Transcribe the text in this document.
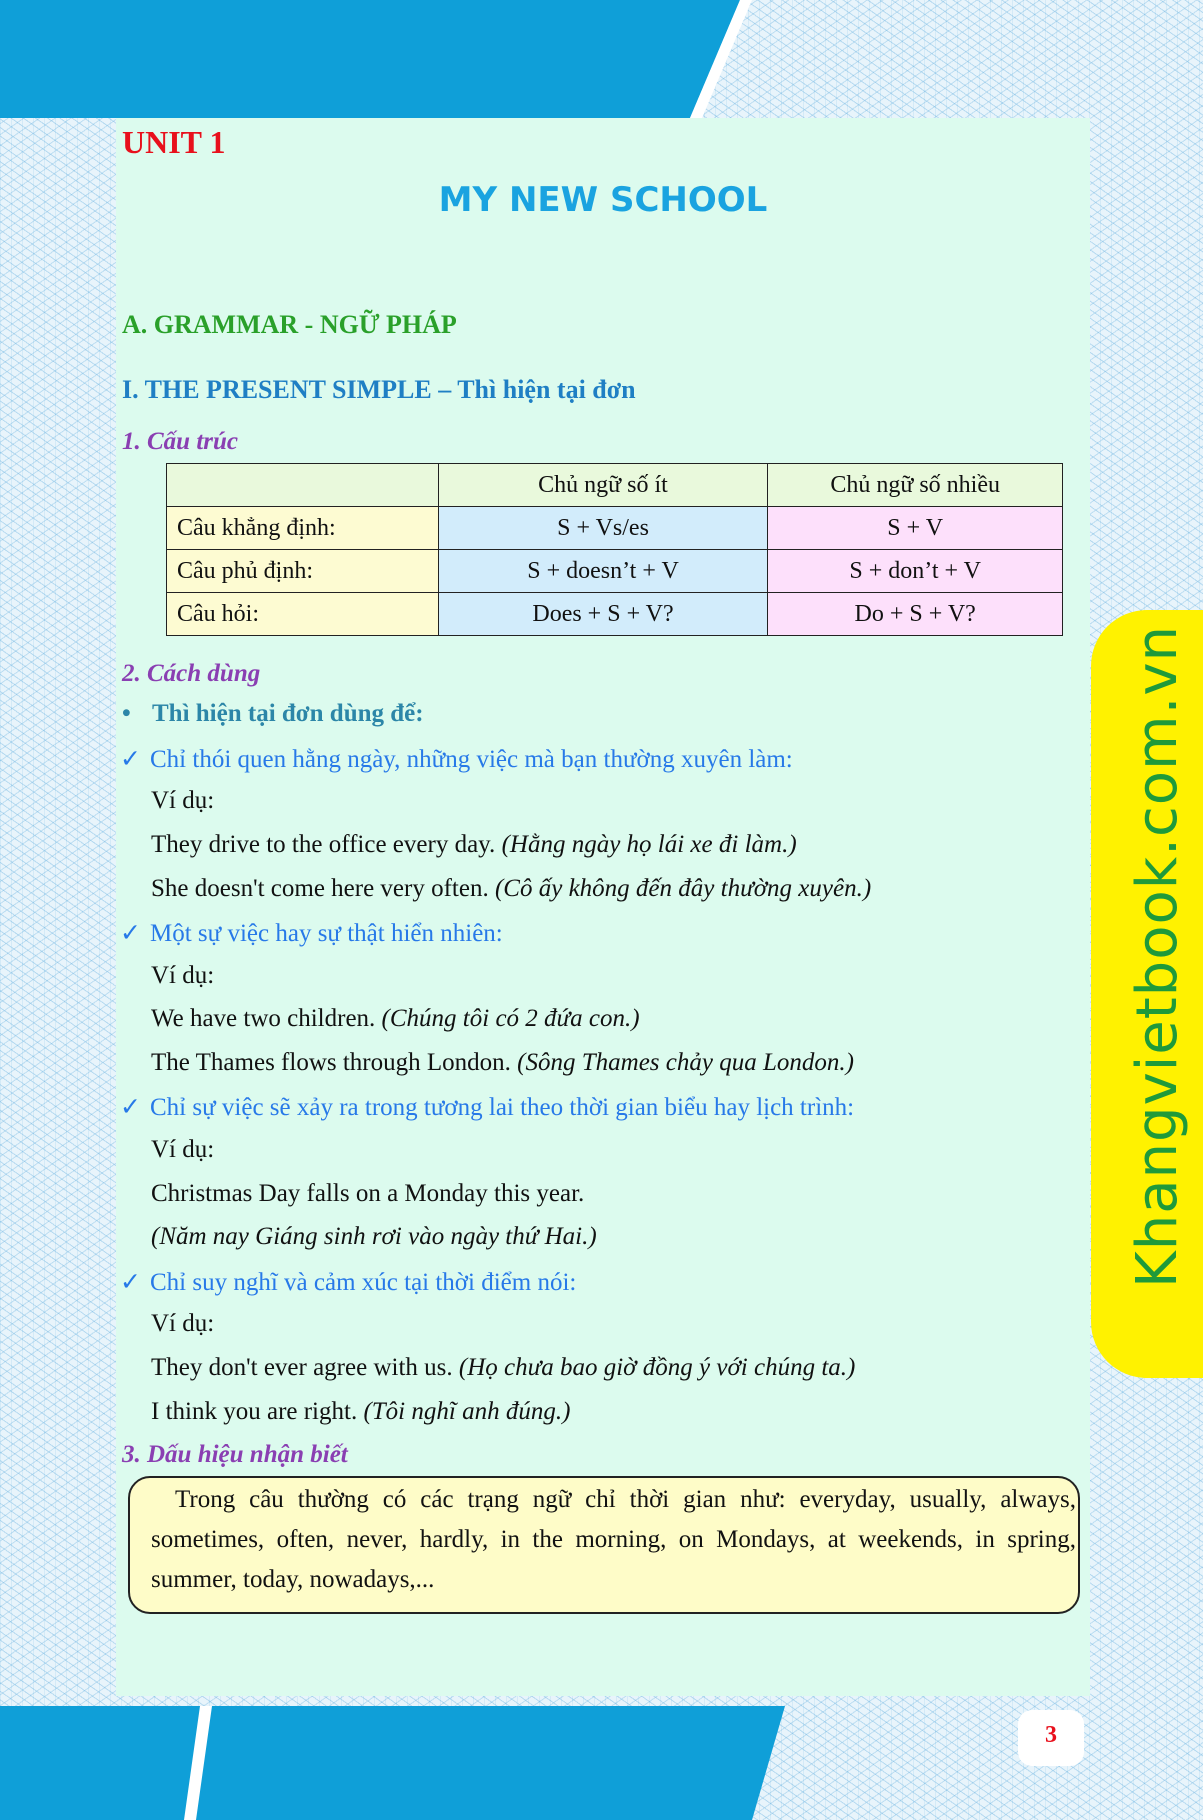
Khangvietbook.com.vn

UNIT 1

MY NEW SCHOOL

A. GRAMMAR - NGỮ PHÁP

I. THE PRESENT SIMPLE – Thì hiện tại đơn

1. Cấu trúc

	Chủ ngữ số ít	Chủ ngữ số nhiều
Câu khẳng định:	S + Vs/es	S + V
Câu phủ định:	S + doesn’t + V	S + don’t + V
Câu hỏi:	Does + S + V?	Do + S + V?

2. Cách dùng

• Thì hiện tại đơn dùng để:

✓ Chỉ thói quen hằng ngày, những việc mà bạn thường xuyên làm:

Ví dụ:

They drive to the office every day. (Hằng ngày họ lái xe đi làm.)

She doesn't come here very often. (Cô ấy không đến đây thường xuyên.)

✓ Một sự việc hay sự thật hiển nhiên:

Ví dụ:

We have two children. (Chúng tôi có 2 đứa con.)

The Thames flows through London. (Sông Thames chảy qua London.)

✓ Chỉ sự việc sẽ xảy ra trong tương lai theo thời gian biểu hay lịch trình:

Ví dụ:

Christmas Day falls on a Monday this year.

(Năm nay Giáng sinh rơi vào ngày thứ Hai.)

✓ Chỉ suy nghĩ và cảm xúc tại thời điểm nói:

Ví dụ:

They don't ever agree with us. (Họ chưa bao giờ đồng ý với chúng ta.)

I think you are right. (Tôi nghĩ anh đúng.)

3. Dấu hiệu nhận biết

Trong câu thường có các trạng ngữ chỉ thời gian như: everyday, usually, always, sometimes, often, never, hardly, in the morning, on Mondays, at weekends, in spring, summer, today, nowadays,...

3
